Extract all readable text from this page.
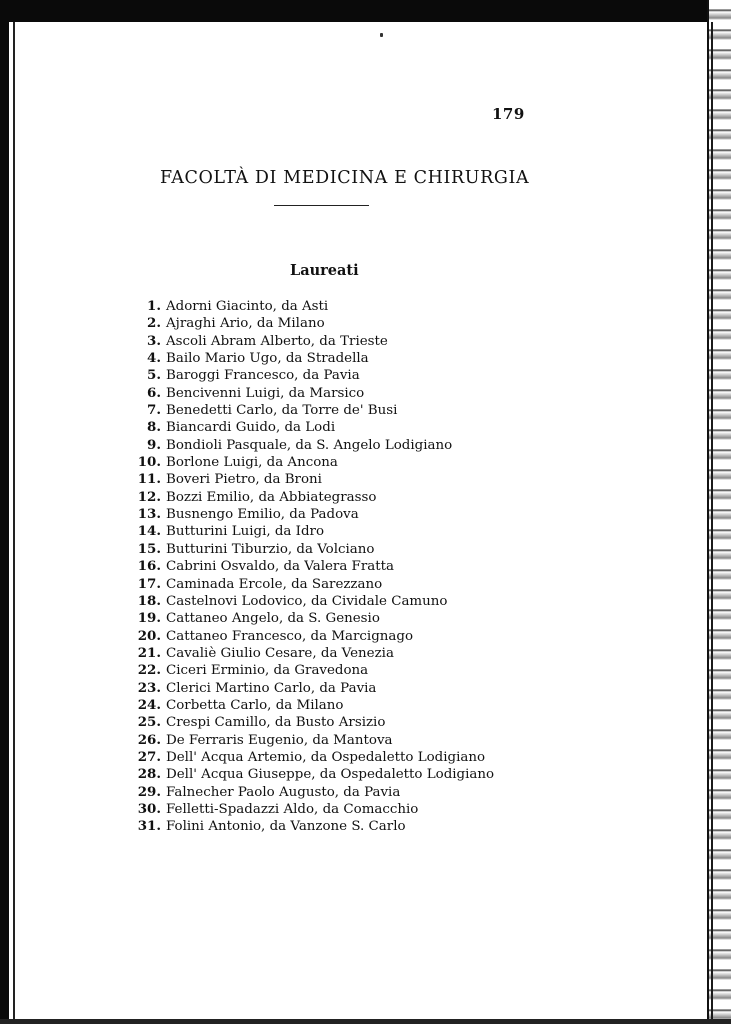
179
FACOLTÀ DI MEDICINA E CHIRURGIA
Laureati
1. Adorni Giacinto, da Asti
2. Ajraghi Ario, da Milano
3. Ascoli Abram Alberto, da Trieste
4. Bailo Mario Ugo, da Stradella
5. Baroggi Francesco, da Pavia
6. Bencivenni Luigi, da Marsico
7. Benedetti Carlo, da Torre de' Busi
8. Biancardi Guido, da Lodi
9. Bondioli Pasquale, da S. Angelo Lodigiano
10. Borlone Luigi, da Ancona
11. Boveri Pietro, da Broni
12. Bozzi Emilio, da Abbiategrasso
13. Busnengo Emilio, da Padova
14. Butturini Luigi, da Idro
15. Butturini Tiburzio, da Volciano
16. Cabrini Osvaldo, da Valera Fratta
17. Caminada Ercole, da Sarezzano
18. Castelnovi Lodovico, da Cividale Camuno
19. Cattaneo Angelo, da S. Genesio
20. Cattaneo Francesco, da Marcignago
21. Cavaliè Giulio Cesare, da Venezia
22. Ciceri Erminio, da Gravedona
23. Clerici Martino Carlo, da Pavia
24. Corbetta Carlo, da Milano
25. Crespi Camillo, da Busto Arsizio
26. De Ferraris Eugenio, da Mantova
27. Dell' Acqua Artemio, da Ospedaletto Lodigiano
28. Dell' Acqua Giuseppe, da Ospedaletto Lodigiano
29. Falnecher Paolo Augusto, da Pavia
30. Felletti-Spadazzi Aldo, da Comacchio
31. Folini Antonio, da Vanzone S. Carlo
